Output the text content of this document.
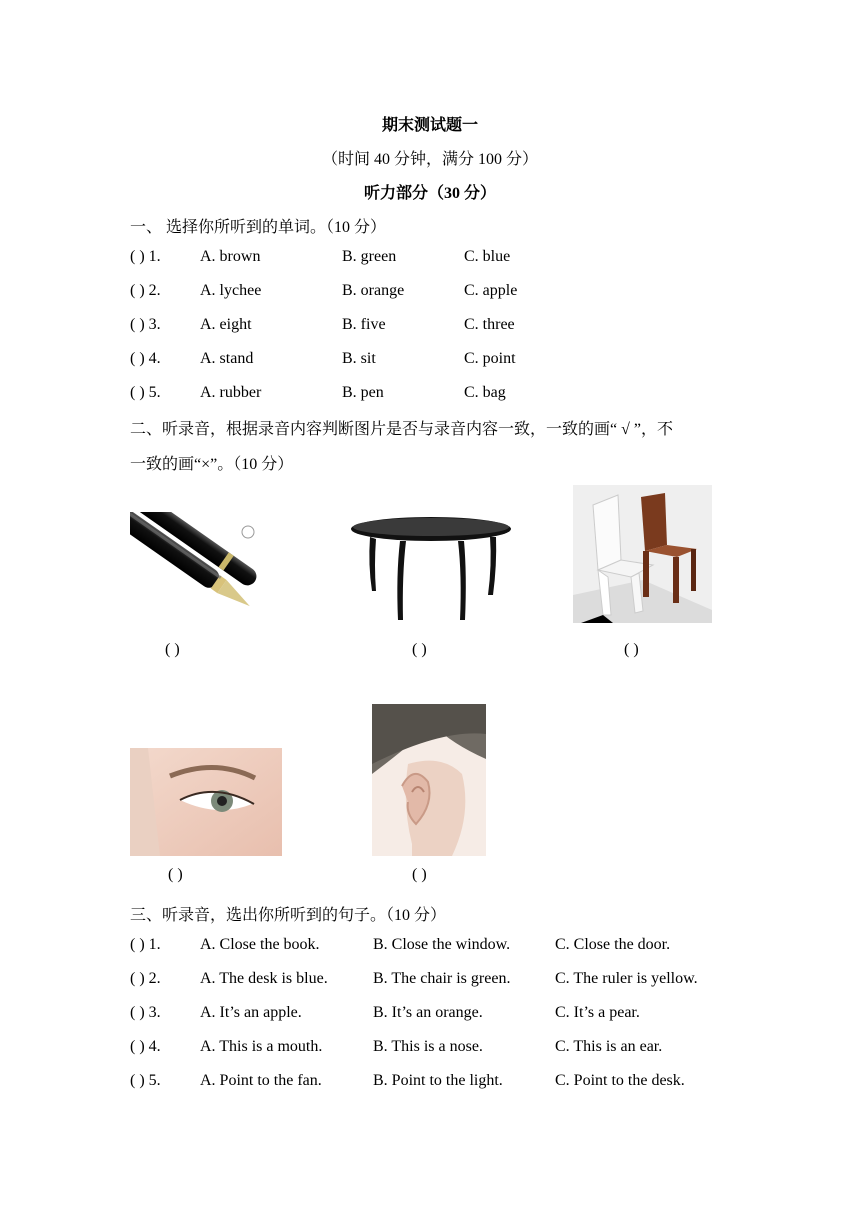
期末测试题一
（时间 40 分钟，满分 100 分）
听力部分（30 分）
一、 选择你所听到的单词。（10 分）
( ) 1. A. brown	B. green	C. blue
( ) 2. A. lychee	B. orange	C. apple
( ) 3. A. eight	B. five	C. three
( ) 4. A. stand	B. sit	C. point
( ) 5. A. rubber	B. pen	C. bag
二、听录音，根据录音内容判断图片是否与录音内容一致，一致的画“ √ ”，不
一致的画“×”。（10 分）
( )	( )	( )
( )	( )
三、听录音，选出你所听到的句子。（10 分）
( ) 1. A. Close the book.	B. Close the window.	C. Close the door.
( ) 2. A. The desk is blue.	B. The chair is green.	C. The ruler is yellow.
( ) 3. A. It’s an apple.	B. It’s an orange.	C. It’s a pear.
( ) 4. A. This is a mouth.	B. This is a nose.	C. This is an ear.
( ) 5. A. Point to the fan.	B. Point to the light.	C. Point to the desk.
